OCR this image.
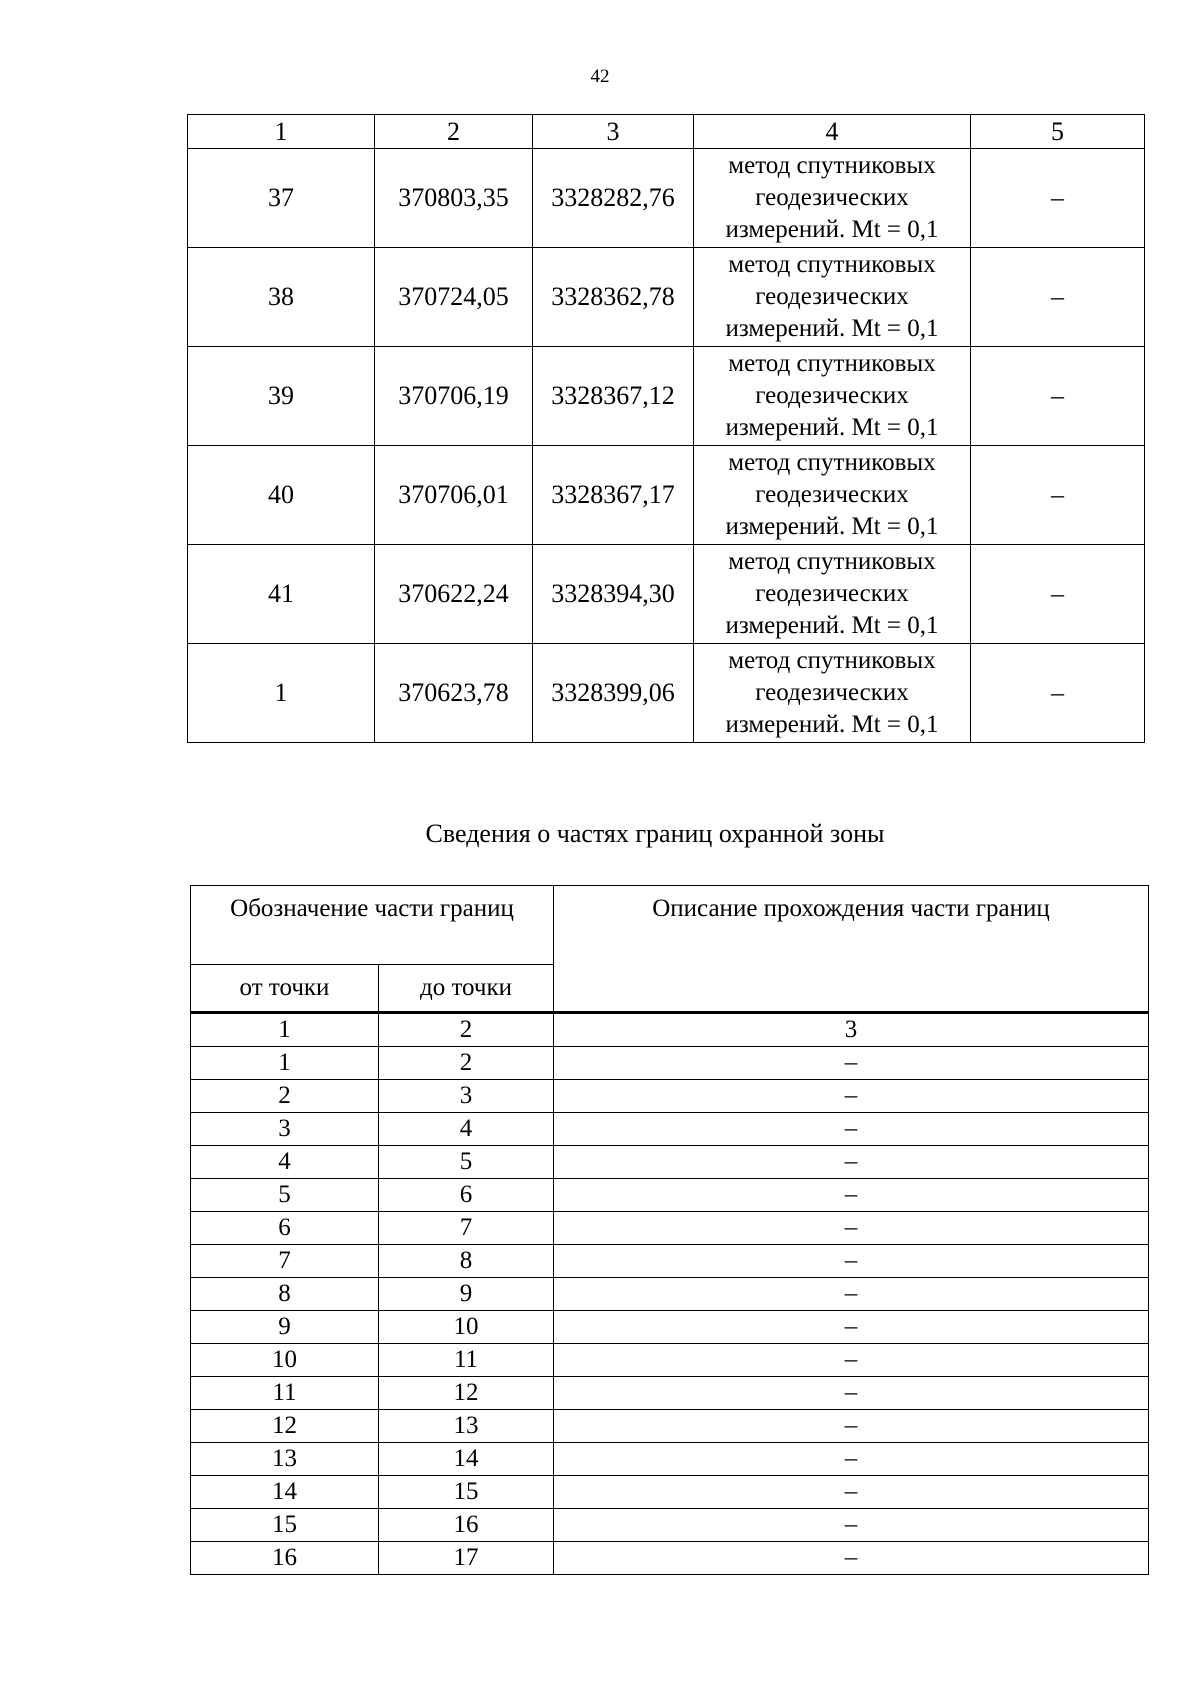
42
1	2	3	4	5
37	370803,35	3328282,76	метод спутниковых
геодезических
измерений. Mt = 0,1	–
38	370724,05	3328362,78	метод спутниковых
геодезических
измерений. Mt = 0,1	–
39	370706,19	3328367,12	метод спутниковых
геодезических
измерений. Mt = 0,1	–
40	370706,01	3328367,17	метод спутниковых
геодезических
измерений. Mt = 0,1	–
41	370622,24	3328394,30	метод спутниковых
геодезических
измерений. Mt = 0,1	–
1	370623,78	3328399,06	метод спутниковых
геодезических
измерений. Mt = 0,1	–
Сведения о частях границ охранной зоны
Обозначение части границ		Описание прохождения части границ
от точки	до точки	
1	2	3
1	2	–
2	3	–
3	4	–
4	5	–
5	6	–
6	7	–
7	8	–
8	9	–
9	10	–
10	11	–
11	12	–
12	13	–
13	14	–
14	15	–
15	16	–
16	17	–
